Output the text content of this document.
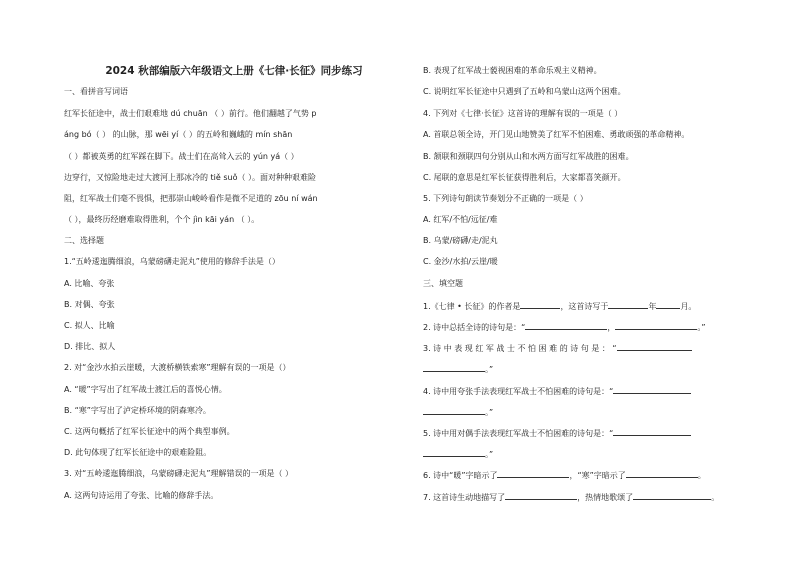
2024 秋部编版六年级语文上册《七律·长征》同步练习
一、看拼音写词语
红军长征途中，战士们艰难地 dú chuān （ ）前行。他们翻越了气势 p
áng bó（ ） 的山脉，那 wēi yí（ ）的五岭和巍峨的 mín shān
（ ）都被英勇的红军踩在脚下。战士们在高耸入云的 yún yá（ ）
边穿行，又惊险地走过大渡河上那冰冷的 tiě suǒ（ ）。面对种种艰难险
阻，红军战士们毫不畏惧，把那崇山峻岭看作是微不足道的 zōu ní wán
（ ），最终历经磨难取得胜利，个个 jìn kāi yán （ ）。
二、选择题
1.“五岭逶迤腾细浪，乌蒙磅礴走泥丸”使用的修辞手法是（）
A. 比喻、夸张
B. 对偶、夸张
C. 拟人、比喻
D. 排比、拟人
2. 对“金沙水拍云崖暖，大渡桥横铁索寒”理解有误的一项是（）
A. “暖”字写出了红军战士渡江后的喜悦心情。
B. “寒”字写出了泸定桥环境的阴森寒冷。
C. 这两句概括了红军长征途中的两个典型事例。
D. 此句体现了红军长征途中的艰难险阻。
3. 对“五岭逶迤腾细浪，乌蒙磅礴走泥丸”理解错误的一项是（ ）
A. 这两句诗运用了夸张、比喻的修辞手法。
B. 表现了红军战士藐视困难的革命乐观主义精神。
C. 说明红军长征途中只遇到了五岭和乌蒙山这两个困难。
4. 下列对《七律·长征》这首诗的理解有误的一项是（ ）
A. 首联总领全诗，开门见山地赞美了红军不怕困难、勇敢顽强的革命精神。
B. 颔联和颈联四句分别从山和水两方面写红军战胜的困难。
C. 尾联的意思是红军长征获得胜利后，大家都喜笑颜开。
5. 下列诗句朗读节奏划分不正确的一项是（ ）
A. 红军/不怕/远征/难
B. 乌蒙/磅礴/走/泥丸
C. 金沙/水拍/云崖/暖
三、填空题
1.《七律 • 长征》的作者是	，这首诗写于	年	月。
2. 诗中总括全诗的诗句是：“	，	。”
3. 诗 中 表 现 红 军 战 士 不 怕 困 难 的 诗 句 是 ： “
。”
4. 诗中用夸张手法表现红军战士不怕困难的诗句是：“
。”
5. 诗中用对偶手法表现红军战士不怕困难的诗句是：“
。”
6. 诗中“暖”字暗示了	，“寒”字暗示了	。
7. 这首诗生动地描写了	，热情地歌颂了	。
